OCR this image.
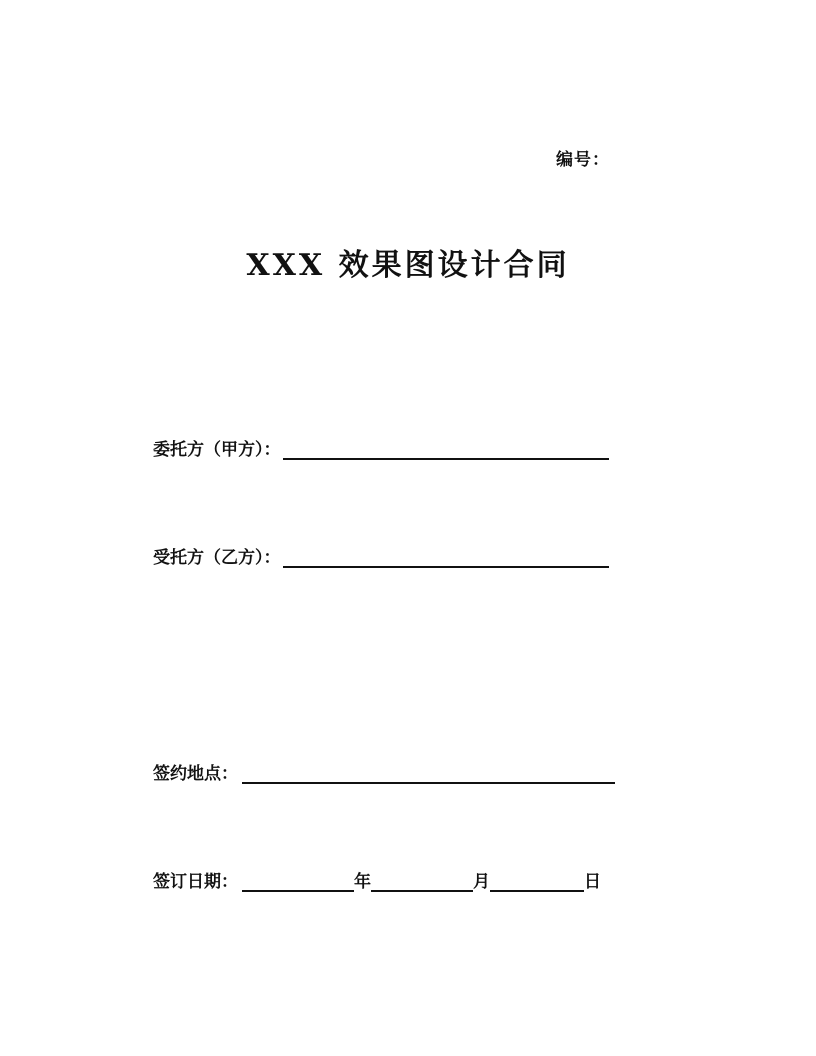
编号：
XXX 效果图设计合同
委托方（甲方）：
受托方（乙方）：
签约地点：
签订日期：	年	月	日
